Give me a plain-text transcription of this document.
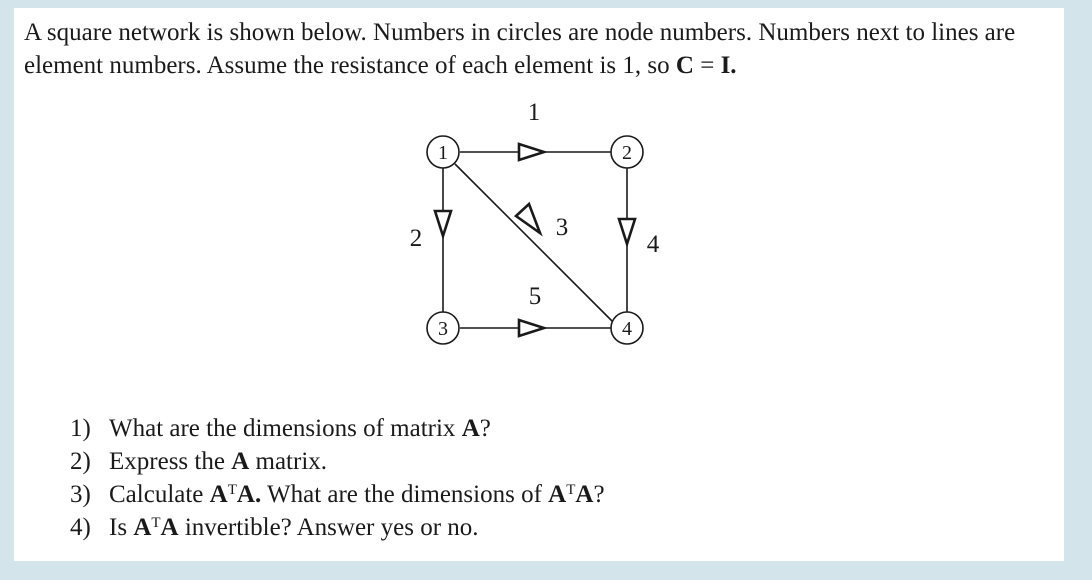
A square network is shown below. Numbers in circles are node numbers. Numbers next to lines are element numbers. Assume the resistance of each element is 1, so C = I.

1
2	3
4
5
1	2
3	4
1) What are the dimensions of matrix A?
2) Express the A matrix.
3) Calculate $A^TA$. What are the dimensions of $A^TA$?
4) Is $A^TA$ invertible? Answer yes or no.
